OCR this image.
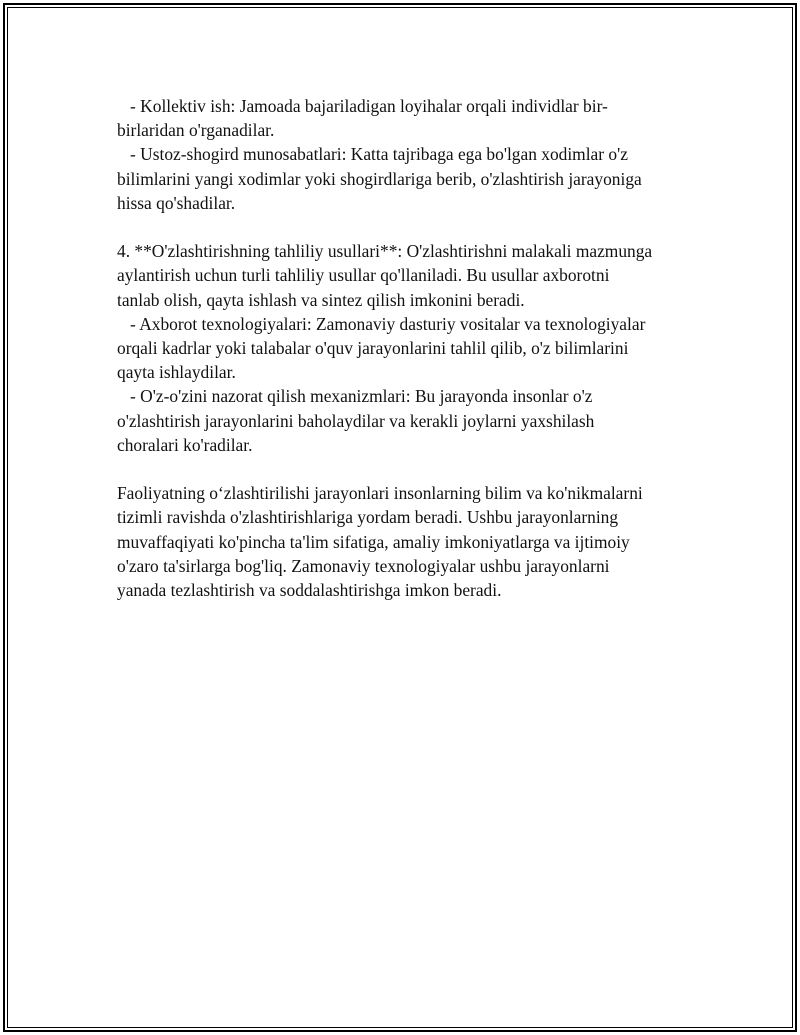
- Kollektiv ish: Jamoada bajariladigan loyihalar orqali individlar bir-

birlaridan o'rganadilar.

- Ustoz-shogird munosabatlari: Katta tajribaga ega bo'lgan xodimlar o'z

bilimlarini yangi xodimlar yoki shogirdlariga berib, o'zlashtirish jarayoniga

hissa qo'shadilar.

4. **O'zlashtirishning tahliliy usullari**: O'zlashtirishni malakali mazmunga

aylantirish uchun turli tahliliy usullar qo'llaniladi. Bu usullar axborotni

tanlab olish, qayta ishlash va sintez qilish imkonini beradi.

- Axborot texnologiyalari: Zamonaviy dasturiy vositalar va texnologiyalar

orqali kadrlar yoki talabalar o'quv jarayonlarini tahlil qilib, o'z bilimlarini

qayta ishlaydilar.

- O'z-o'zini nazorat qilish mexanizmlari: Bu jarayonda insonlar o'z

o'zlashtirish jarayonlarini baholaydilar va kerakli joylarni yaxshilash

choralari ko'radilar.

Faoliyatning o‘zlashtirilishi jarayonlari insonlarning bilim va ko'nikmalarni

tizimli ravishda o'zlashtirishlariga yordam beradi. Ushbu jarayonlarning

muvaffaqiyati ko'pincha ta'lim sifatiga, amaliy imkoniyatlarga va ijtimoiy

o'zaro ta'sirlarga bog'liq. Zamonaviy texnologiyalar ushbu jarayonlarni

yanada tezlashtirish va soddalashtirishga imkon beradi.
